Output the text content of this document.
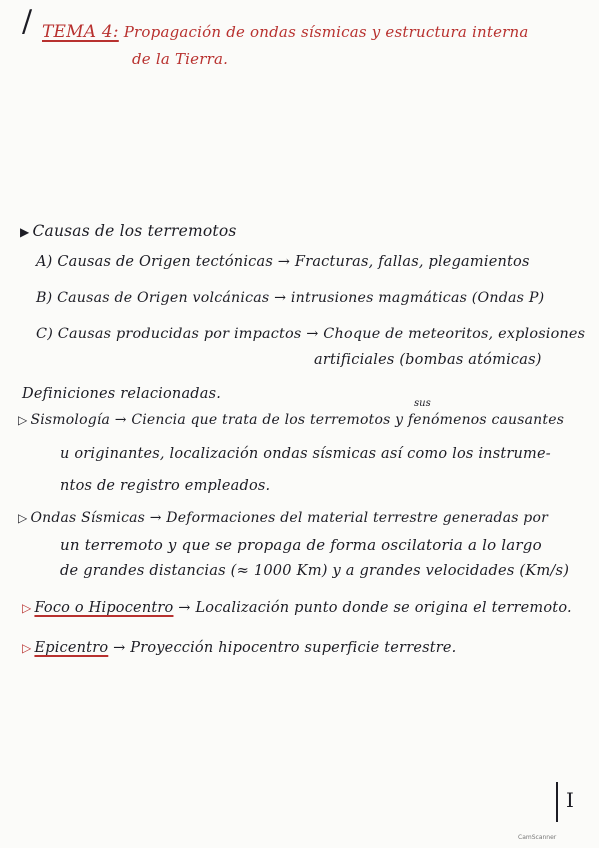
/ TEMA 4: Propagación de ondas sísmicas y estructura interna
de la Tierra.
▶ Causas de los terremotos
A) Causas de Origen tectónicas → Fracturas, fallas, plegamientos
B) Causas de Origen volcánicas → intrusiones magmáticas (Ondas P)
C) Causas producidas por impactos → Choque de meteoritos, explosiones
artificiales (bombas atómicas)
Definiciones relacionadas.
sus
▷ Sismología → Ciencia que trata de los terremotos y fenómenos causantes
u originantes, localización ondas sísmicas así como los instrume-
ntos de registro empleados.
▷ Ondas Sísmicas → Deformaciones del material terrestre generadas por
un terremoto y que se propaga de forma oscilatoria a lo largo
de grandes distancias (≈ 1000 Km) y a grandes velocidades (Km/s)
▷ Foco o Hipocentro → Localización punto donde se origina el terremoto.
▷ Epicentro → Proyección hipocentro superficie terrestre.
I
CamScanner
